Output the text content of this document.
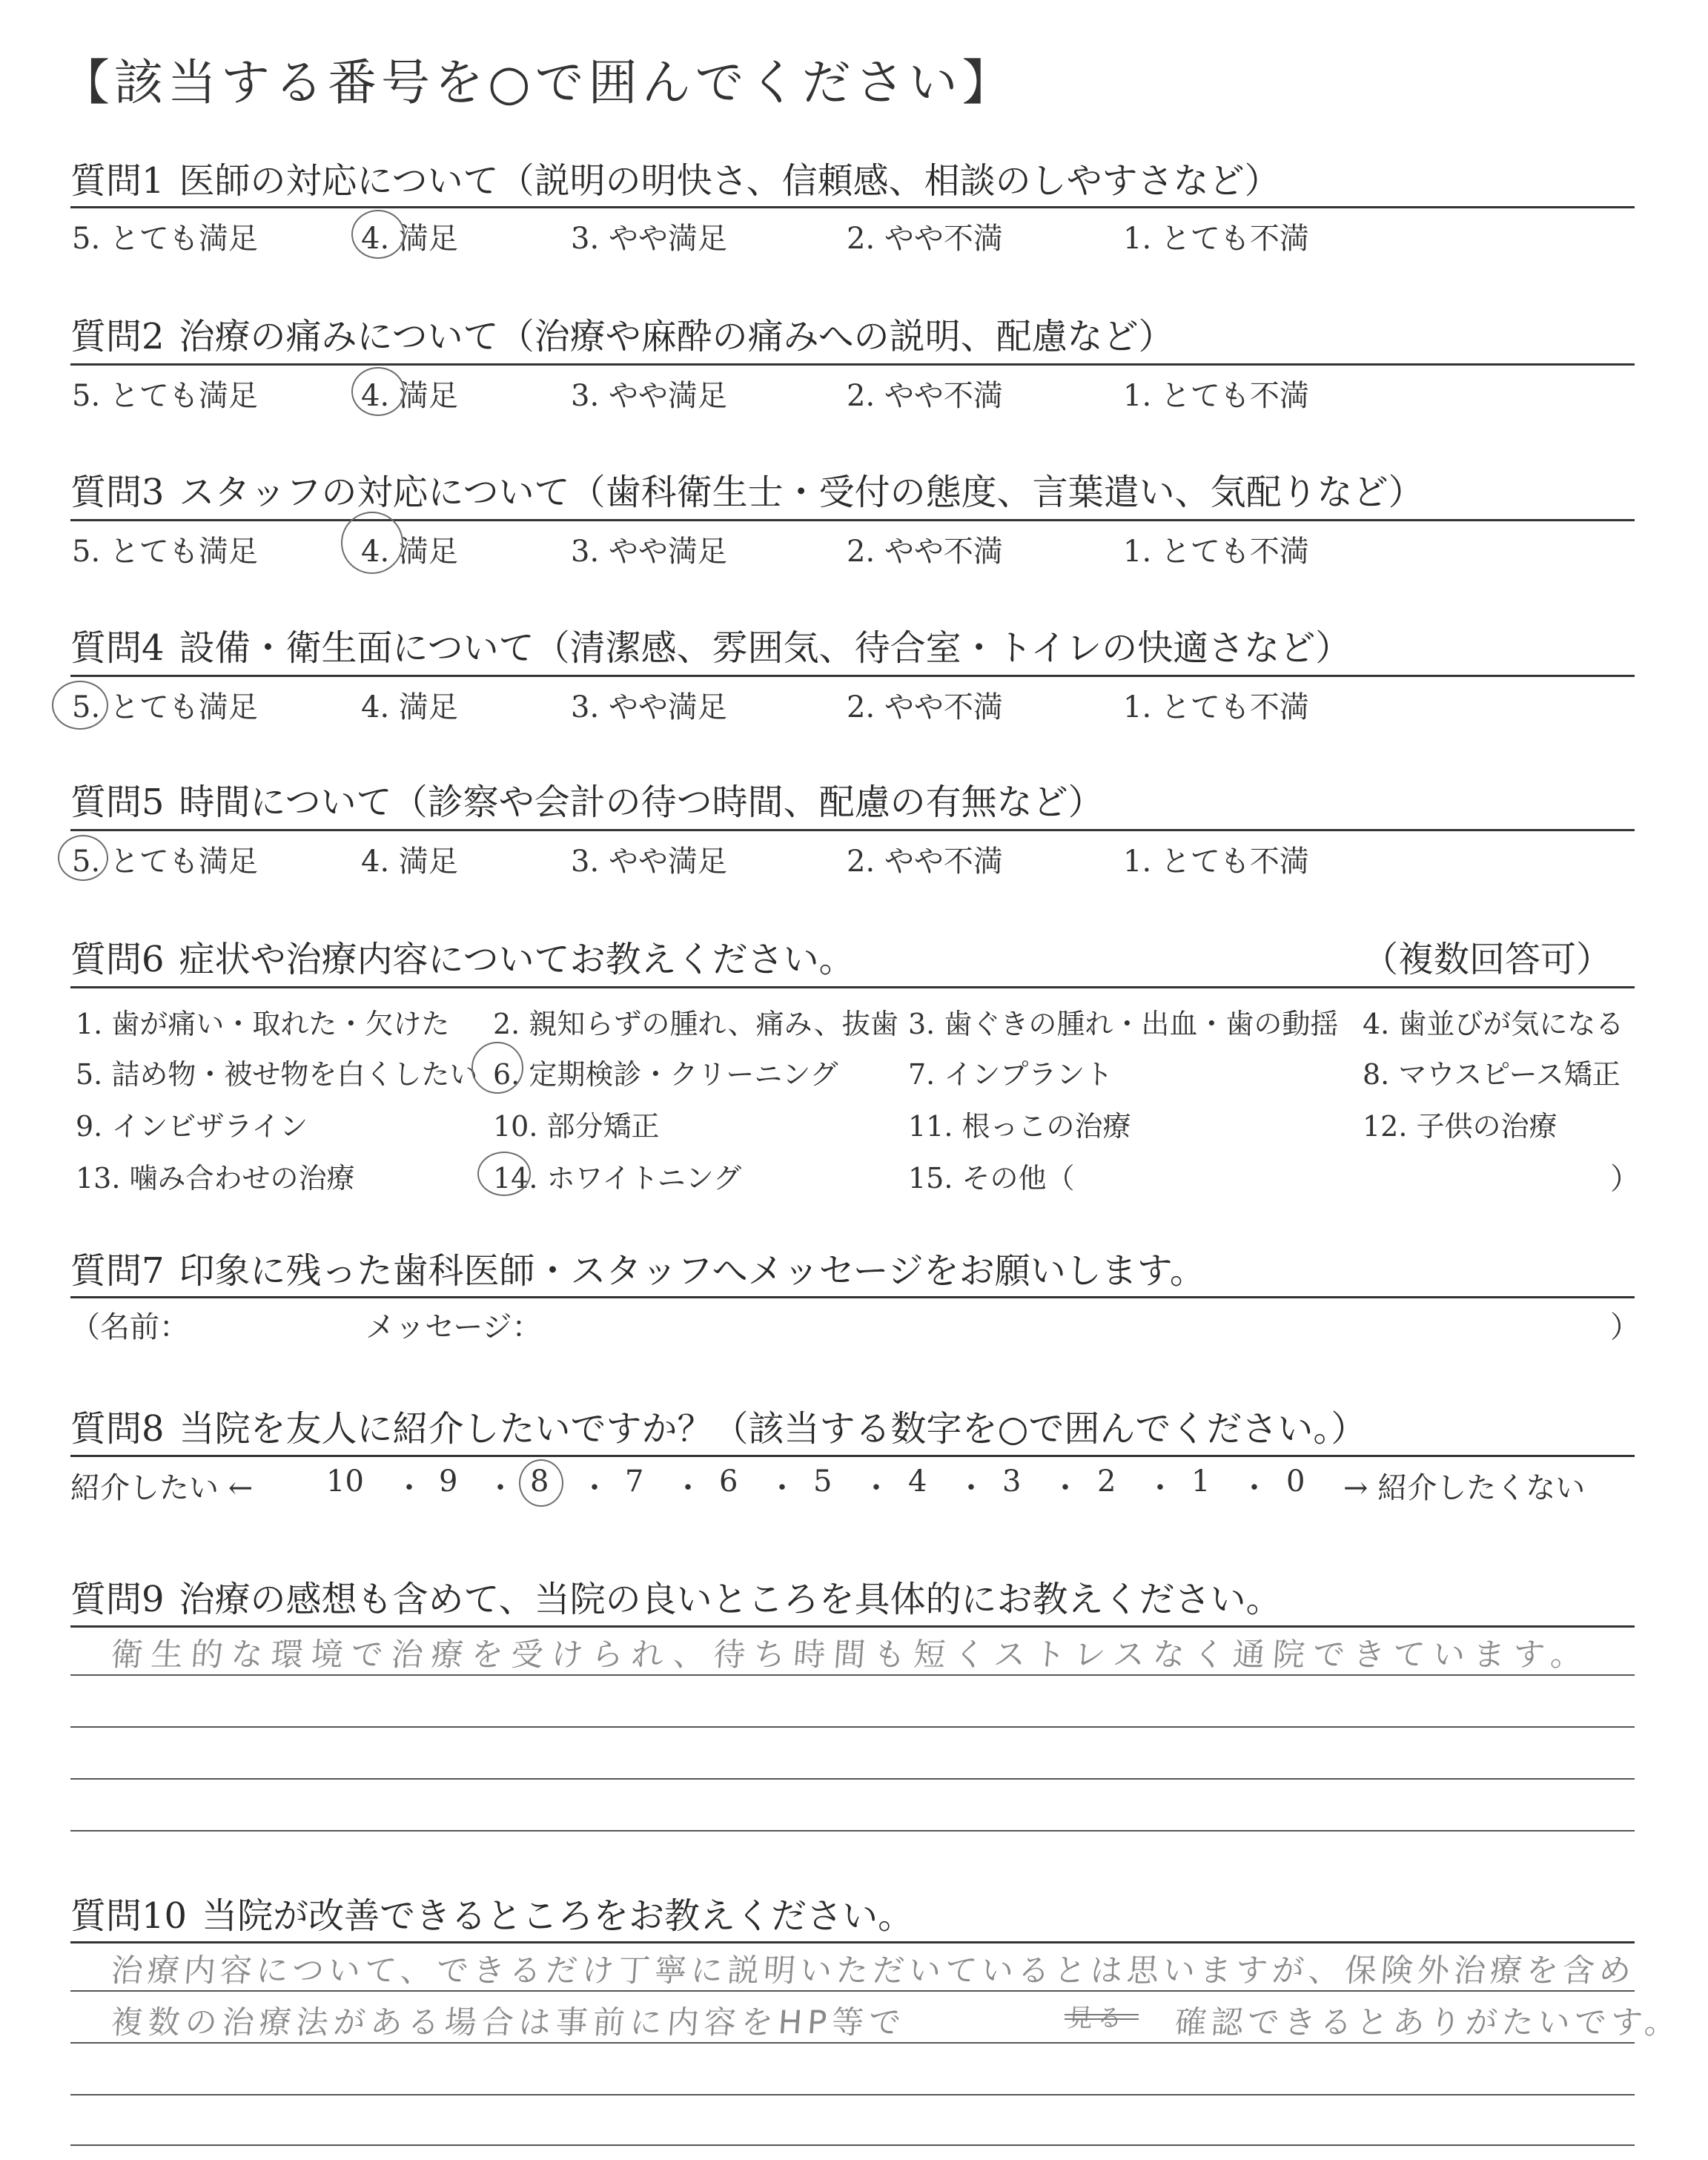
【該当する番号を○で囲んでください】
質問1 医師の対応について（説明の明快さ、信頼感、相談のしやすさなど）
5. とても満足	4. 満足	3. やや満足	2. やや不満	1. とても不満
質問2 治療の痛みについて（治療や麻酔の痛みへの説明、配慮など）
5. とても満足	4. 満足	3. やや満足	2. やや不満	1. とても不満
質問3 スタッフの対応について（歯科衛生士・受付の態度、言葉遣い、気配りなど）
5. とても満足	4. 満足	3. やや満足	2. やや不満	1. とても不満
質問4 設備・衛生面について（清潔感、雰囲気、待合室・トイレの快適さなど）
5. とても満足	4. 満足	3. やや満足	2. やや不満	1. とても不満
質問5 時間について（診察や会計の待つ時間、配慮の有無など）
5. とても満足	4. 満足	3. やや満足	2. やや不満	1. とても不満
質問6 症状や治療内容についてお教えください。	（複数回答可）
1. 歯が痛い・取れた・欠けた 2. 親知らずの腫れ、痛み、抜歯 3. 歯ぐきの腫れ・出血・歯の動揺 4. 歯並びが気になる
5. 詰め物・被せ物を白くしたい 6. 定期検診・クリーニング 7. インプラント	8. マウスピース矯正
9. インビザライン	10. 部分矯正	11. 根っこの治療	12. 子供の治療
13. 噛み合わせの治療	14. ホワイトニング	15. その他（	）
質問7 印象に残った歯科医師・スタッフへメッセージをお願いします。
（名前：	メッセージ：	）
質問8 当院を友人に紹介したいですか？（該当する数字を○で囲んでください。）
紹介したい ← 10 ・ 9 ・ 8 ・ 7 ・ 6 ・ 5 ・ 4 ・ 3 ・ 2 ・ 1 ・ 0 → 紹介したくない
質問9 治療の感想も含めて、当院の良いところを具体的にお教えください。
衛生的な環境で治療を受けられ、待ち時間も短くストレスなく通院できています。
質問10 当院が改善できるところをお教えください。
治療内容について、できるだけ丁寧に説明いただいているとは思いますが、保険外治療を含め
複数の治療法がある場合は事前に内容をHP等で	見る 確認できるとありがたいです。
